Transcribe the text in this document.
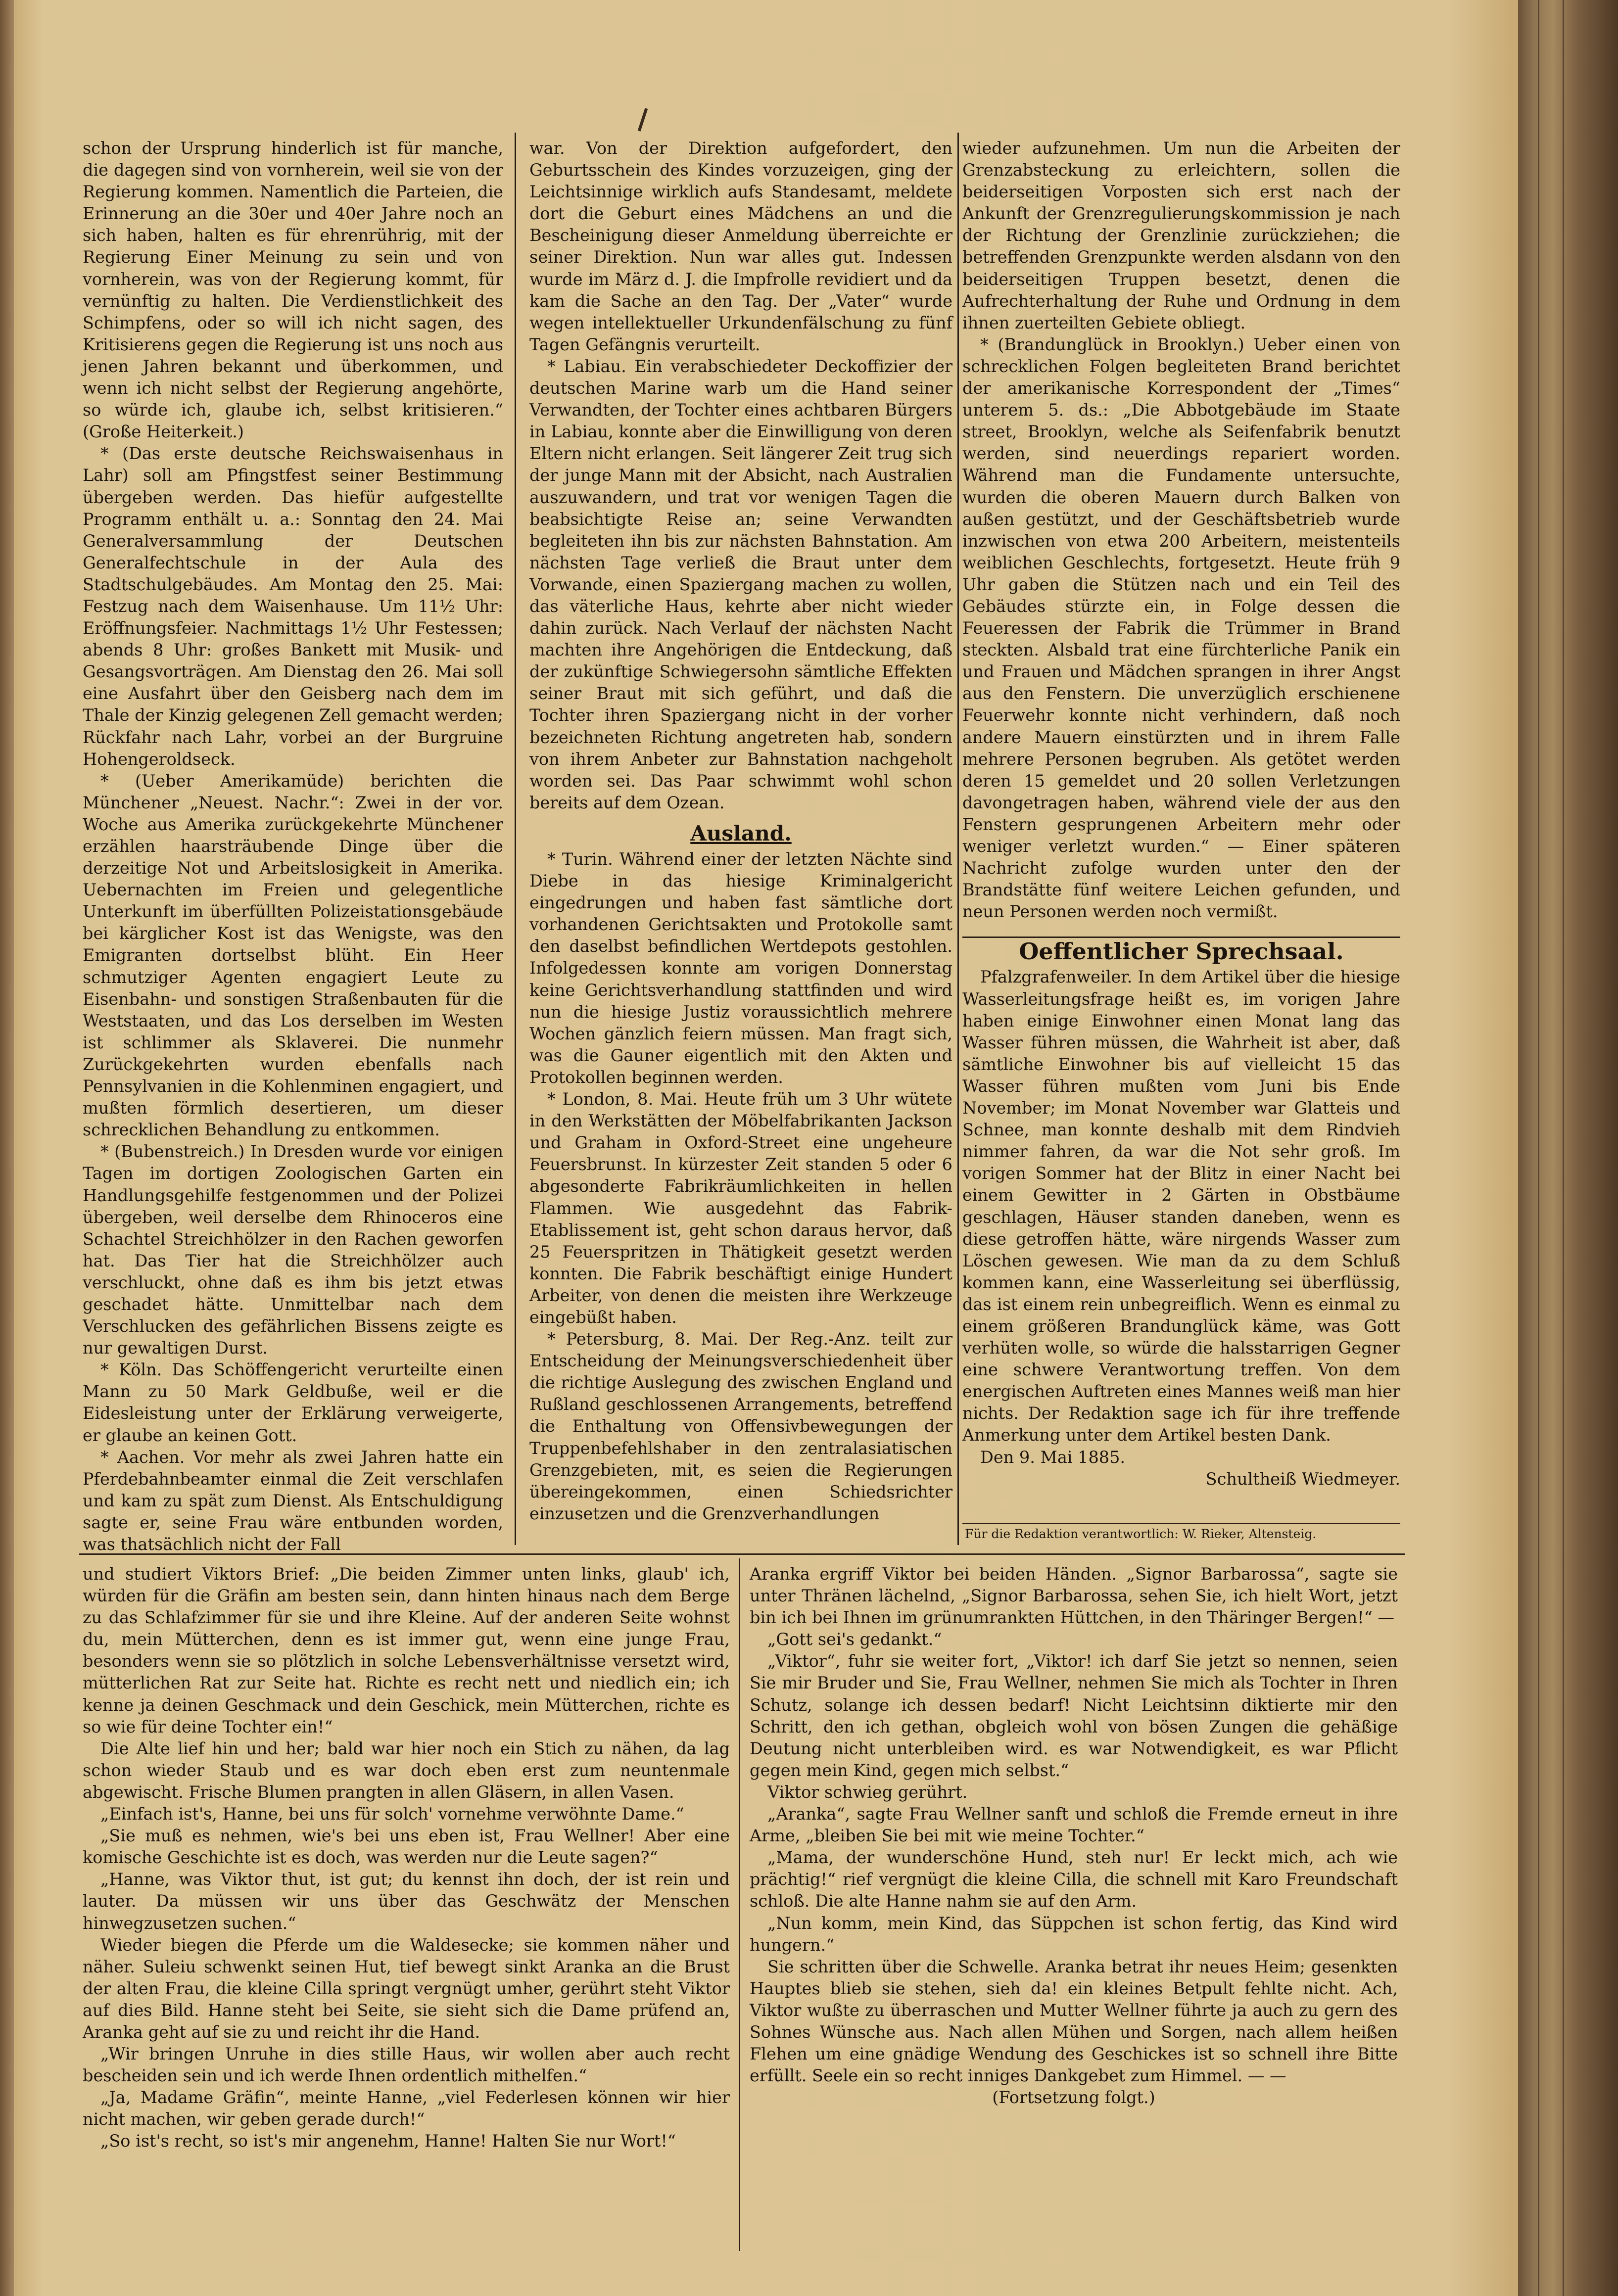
schon der Ursprung hinderlich ist für manche, die dagegen sind von vornherein, weil sie von der Regierung kommen. Namentlich die Parteien, die Erinnerung an die 30er und 40er Jahre noch an sich haben, halten es für ehrenrührig, mit der Regierung Einer Meinung zu sein und von vornherein, was von der Regierung kommt, für vernünftig zu halten. Die Verdienstlichkeit des Schimpfens, oder so will ich nicht sagen, des Kritisierens gegen die Regierung ist uns noch aus jenen Jahren bekannt und überkommen, und wenn ich nicht selbst der Regierung angehörte, so würde ich, glaube ich, selbst kritisieren.“ (Große Heiterkeit.)

* (Das erste deutsche Reichswaisenhaus in Lahr) soll am Pfingstfest seiner Bestimmung übergeben werden. Das hiefür aufgestellte Programm enthält u. a.: Sonntag den 24. Mai Generalversammlung der Deutschen Generalfechtschule in der Aula des Stadtschulgebäudes. Am Montag den 25. Mai: Festzug nach dem Waisenhause. Um 11½ Uhr: Eröffnungsfeier. Nachmittags 1½ Uhr Festessen; abends 8 Uhr: großes Bankett mit Musik- und Gesangsvorträgen. Am Dienstag den 26. Mai soll eine Ausfahrt über den Geisberg nach dem im Thale der Kinzig gelegenen Zell gemacht werden; Rückfahr nach Lahr, vorbei an der Burgruine Hohengeroldseck.

* (Ueber Amerikamüde) berichten die Münchener „Neuest. Nachr.“: Zwei in der vor. Woche aus Amerika zurückgekehrte Münchener erzählen haarsträubende Dinge über die derzeitige Not und Arbeitslosigkeit in Amerika. Uebernachten im Freien und gelegentliche Unterkunft im überfüllten Polizeistationsgebäude bei kärglicher Kost ist das Wenigste, was den Emigranten dortselbst blüht. Ein Heer schmutziger Agenten engagiert Leute zu Eisenbahn- und sonstigen Straßenbauten für die Weststaaten, und das Los derselben im Westen ist schlimmer als Sklaverei. Die nunmehr Zurückgekehrten wurden ebenfalls nach Pennsylvanien in die Kohlenminen engagiert, und mußten förmlich desertieren, um dieser schrecklichen Behandlung zu entkommen.

* (Bubenstreich.) In Dresden wurde vor einigen Tagen im dortigen Zoologischen Garten ein Handlungsgehilfe festgenommen und der Polizei übergeben, weil derselbe dem Rhinoceros eine Schachtel Streichhölzer in den Rachen geworfen hat. Das Tier hat die Streichhölzer auch verschluckt, ohne daß es ihm bis jetzt etwas geschadet hätte. Unmittelbar nach dem Verschlucken des gefährlichen Bissens zeigte es nur gewaltigen Durst.

* Köln. Das Schöffengericht verurteilte einen Mann zu 50 Mark Geldbuße, weil er die Eidesleistung unter der Erklärung verweigerte, er glaube an keinen Gott.

* Aachen. Vor mehr als zwei Jahren hatte ein Pferdebahnbeamter einmal die Zeit verschlafen und kam zu spät zum Dienst. Als Entschuldigung sagte er, seine Frau wäre entbunden worden, was thatsächlich nicht der Fall

war. Von der Direktion aufgefordert, den Geburtsschein des Kindes vorzuzeigen, ging der Leichtsinnige wirklich aufs Standesamt, meldete dort die Geburt eines Mädchens an und die Bescheinigung dieser Anmeldung überreichte er seiner Direktion. Nun war alles gut. Indessen wurde im März d. J. die Impfrolle revidiert und da kam die Sache an den Tag. Der „Vater“ wurde wegen intellektueller Urkundenfälschung zu fünf Tagen Gefängnis verurteilt.

* Labiau. Ein verabschiedeter Deckoffizier der deutschen Marine warb um die Hand seiner Verwandten, der Tochter eines achtbaren Bürgers in Labiau, konnte aber die Einwilligung von deren Eltern nicht erlangen. Seit längerer Zeit trug sich der junge Mann mit der Absicht, nach Australien auszuwandern, und trat vor wenigen Tagen die beabsichtigte Reise an; seine Verwandten begleiteten ihn bis zur nächsten Bahnstation. Am nächsten Tage verließ die Braut unter dem Vorwande, einen Spaziergang machen zu wollen, das väterliche Haus, kehrte aber nicht wieder dahin zurück. Nach Verlauf der nächsten Nacht machten ihre Angehörigen die Entdeckung, daß der zukünftige Schwiegersohn sämtliche Effekten seiner Braut mit sich geführt, und daß die Tochter ihren Spaziergang nicht in der vorher bezeichneten Richtung angetreten hab, sondern von ihrem Anbeter zur Bahnstation nachgeholt worden sei. Das Paar schwimmt wohl schon bereits auf dem Ozean.

Ausland.

* Turin. Während einer der letzten Nächte sind Diebe in das hiesige Kriminalgericht eingedrungen und haben fast sämtliche dort vorhandenen Gerichtsakten und Protokolle samt den daselbst befindlichen Wertdepots gestohlen. Infolgedessen konnte am vorigen Donnerstag keine Gerichtsverhandlung stattfinden und wird nun die hiesige Justiz voraussichtlich mehrere Wochen gänzlich feiern müssen. Man fragt sich, was die Gauner eigentlich mit den Akten und Protokollen beginnen werden.

* London, 8. Mai. Heute früh um 3 Uhr wütete in den Werkstätten der Möbelfabrikanten Jackson und Graham in Oxford-Street eine ungeheure Feuersbrunst. In kürzester Zeit standen 5 oder 6 abgesonderte Fabrikräumlichkeiten in hellen Flammen. Wie ausgedehnt das Fabrik-Etablissement ist, geht schon daraus hervor, daß 25 Feuerspritzen in Thätigkeit gesetzt werden konnten. Die Fabrik beschäftigt einige Hundert Arbeiter, von denen die meisten ihre Werkzeuge eingebüßt haben.

* Petersburg, 8. Mai. Der Reg.-Anz. teilt zur Entscheidung der Meinungsverschiedenheit über die richtige Auslegung des zwischen England und Rußland geschlossenen Arrangements, betreffend die Enthaltung von Offensivbewegungen der Truppenbefehlshaber in den zentralasiatischen Grenzgebieten, mit, es seien die Regierungen übereingekommen, einen Schiedsrichter einzusetzen und die Grenzverhandlungen

wieder aufzunehmen. Um nun die Arbeiten der Grenzabsteckung zu erleichtern, sollen die beiderseitigen Vorposten sich erst nach der Ankunft der Grenzregulierungskommission je nach der Richtung der Grenzlinie zurückziehen; die betreffenden Grenzpunkte werden alsdann von den beiderseitigen Truppen besetzt, denen die Aufrechterhaltung der Ruhe und Ordnung in dem ihnen zuerteilten Gebiete obliegt.

* (Brandunglück in Brooklyn.) Ueber einen von schrecklichen Folgen begleiteten Brand berichtet der amerikanische Korrespondent der „Times“ unterem 5. ds.: „Die Abbotgebäude im Staate street, Brooklyn, welche als Seifenfabrik benutzt werden, sind neuerdings repariert worden. Während man die Fundamente untersuchte, wurden die oberen Mauern durch Balken von außen gestützt, und der Geschäftsbetrieb wurde inzwischen von etwa 200 Arbeitern, meistenteils weiblichen Geschlechts, fortgesetzt. Heute früh 9 Uhr gaben die Stützen nach und ein Teil des Gebäudes stürzte ein, in Folge dessen die Feueressen der Fabrik die Trümmer in Brand steckten. Alsbald trat eine fürchterliche Panik ein und Frauen und Mädchen sprangen in ihrer Angst aus den Fenstern. Die unverzüglich erschienene Feuerwehr konnte nicht verhindern, daß noch andere Mauern einstürzten und in ihrem Falle mehrere Personen begruben. Als getötet werden deren 15 gemeldet und 20 sollen Verletzungen davongetragen haben, während viele der aus den Fenstern gesprungenen Arbeitern mehr oder weniger verletzt wurden.“ — Einer späteren Nachricht zufolge wurden unter den der Brandstätte fünf weitere Leichen gefunden, und neun Personen werden noch vermißt.

Oeffentlicher Sprechsaal.

Pfalzgrafenweiler. In dem Artikel über die hiesige Wasserleitungsfrage heißt es, im vorigen Jahre haben einige Einwohner einen Monat lang das Wasser führen müssen, die Wahrheit ist aber, daß sämtliche Einwohner bis auf vielleicht 15 das Wasser führen mußten vom Juni bis Ende November; im Monat November war Glatteis und Schnee, man konnte deshalb mit dem Rindvieh nimmer fahren, da war die Not sehr groß. Im vorigen Sommer hat der Blitz in einer Nacht bei einem Gewitter in 2 Gärten in Obstbäume geschlagen, Häuser standen daneben, wenn es diese getroffen hätte, wäre nirgends Wasser zum Löschen gewesen. Wie man da zu dem Schluß kommen kann, eine Wasserleitung sei überflüssig, das ist einem rein unbegreiflich. Wenn es einmal zu einem größeren Brandunglück käme, was Gott verhüten wolle, so würde die halsstarrigen Gegner eine schwere Verantwortung treffen. Von dem energischen Auftreten eines Mannes weiß man hier nichts. Der Redaktion sage ich für ihre treffende Anmerkung unter dem Artikel besten Dank.

Den 9. Mai 1885.

Schultheiß Wiedmeyer.

Für die Redaktion verantwortlich: W. Rieker, Altensteig.

und studiert Viktors Brief: „Die beiden Zimmer unten links, glaub' ich, würden für die Gräfin am besten sein, dann hinten hinaus nach dem Berge zu das Schlafzimmer für sie und ihre Kleine. Auf der anderen Seite wohnst du, mein Mütterchen, denn es ist immer gut, wenn eine junge Frau, besonders wenn sie so plötzlich in solche Lebensverhältnisse versetzt wird, mütterlichen Rat zur Seite hat. Richte es recht nett und niedlich ein; ich kenne ja deinen Geschmack und dein Geschick, mein Mütterchen, richte es so wie für deine Tochter ein!“

Die Alte lief hin und her; bald war hier noch ein Stich zu nähen, da lag schon wieder Staub und es war doch eben erst zum neuntenmale abgewischt. Frische Blumen prangten in allen Gläsern, in allen Vasen.

„Einfach ist's, Hanne, bei uns für solch' vornehme verwöhnte Dame.“

„Sie muß es nehmen, wie's bei uns eben ist, Frau Wellner! Aber eine komische Geschichte ist es doch, was werden nur die Leute sagen?“

„Hanne, was Viktor thut, ist gut; du kennst ihn doch, der ist rein und lauter. Da müssen wir uns über das Geschwätz der Menschen hinwegzusetzen suchen.“

Wieder biegen die Pferde um die Waldesecke; sie kommen näher und näher. Suleiu schwenkt seinen Hut, tief bewegt sinkt Aranka an die Brust der alten Frau, die kleine Cilla springt vergnügt umher, gerührt steht Viktor auf dies Bild. Hanne steht bei Seite, sie sieht sich die Dame prüfend an, Aranka geht auf sie zu und reicht ihr die Hand.

„Wir bringen Unruhe in dies stille Haus, wir wollen aber auch recht bescheiden sein und ich werde Ihnen ordentlich mithelfen.“

„Ja, Madame Gräfin“, meinte Hanne, „viel Federlesen können wir hier nicht machen, wir geben gerade durch!“

„So ist's recht, so ist's mir angenehm, Hanne! Halten Sie nur Wort!“

Aranka ergriff Viktor bei beiden Händen. „Signor Barbarossa“, sagte sie unter Thränen lächelnd, „Signor Barbarossa, sehen Sie, ich hielt Wort, jetzt bin ich bei Ihnen im grünumrankten Hüttchen, in den Thäringer Bergen!“ —

„Gott sei's gedankt.“

„Viktor“, fuhr sie weiter fort, „Viktor! ich darf Sie jetzt so nennen, seien Sie mir Bruder und Sie, Frau Wellner, nehmen Sie mich als Tochter in Ihren Schutz, solange ich dessen bedarf! Nicht Leichtsinn diktierte mir den Schritt, den ich gethan, obgleich wohl von bösen Zungen die gehäßige Deutung nicht unterbleiben wird. es war Notwendigkeit, es war Pflicht gegen mein Kind, gegen mich selbst.“

Viktor schwieg gerührt.

„Aranka“, sagte Frau Wellner sanft und schloß die Fremde erneut in ihre Arme, „bleiben Sie bei mit wie meine Tochter.“

„Mama, der wunderschöne Hund, steh nur! Er leckt mich, ach wie prächtig!“ rief vergnügt die kleine Cilla, die schnell mit Karo Freundschaft schloß. Die alte Hanne nahm sie auf den Arm.

„Nun komm, mein Kind, das Süppchen ist schon fertig, das Kind wird hungern.“

Sie schritten über die Schwelle. Aranka betrat ihr neues Heim; gesenkten Hauptes blieb sie stehen, sieh da! ein kleines Betpult fehlte nicht. Ach, Viktor wußte zu überraschen und Mutter Wellner führte ja auch zu gern des Sohnes Wünsche aus. Nach allen Mühen und Sorgen, nach allem heißen Flehen um eine gnädige Wendung des Geschickes ist so schnell ihre Bitte erfüllt. Seele ein so recht inniges Dankgebet zum Himmel. — —

(Fortsetzung folgt.)
